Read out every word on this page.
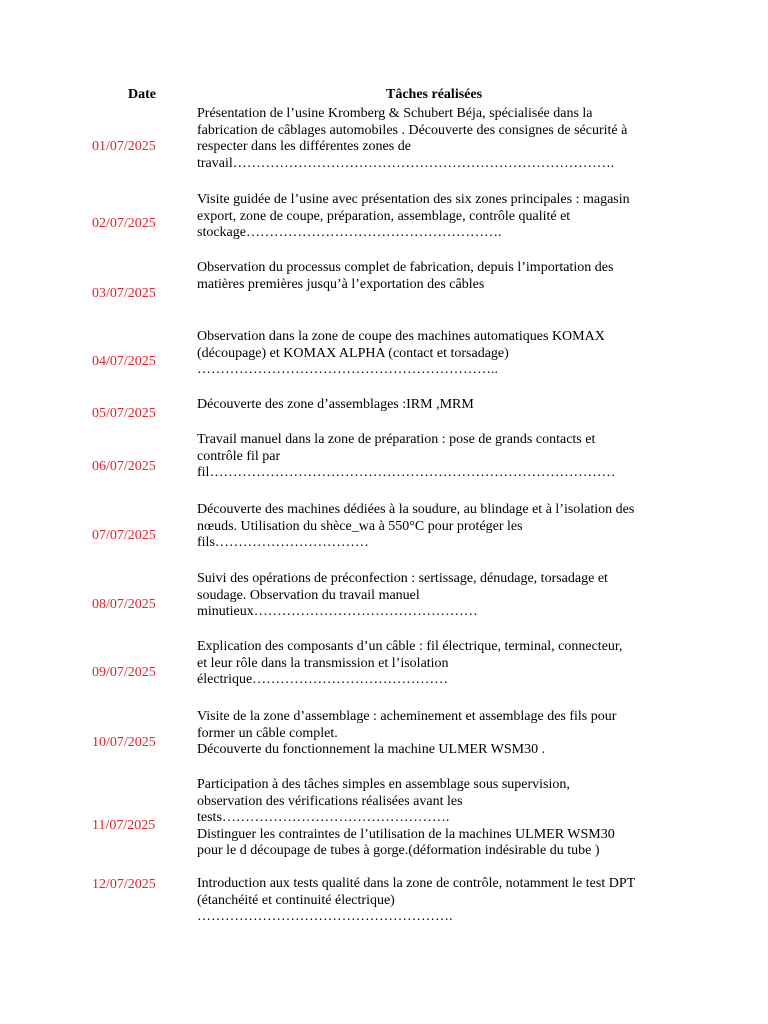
Date	Tâches réalisées
01/07/2025
Présentation de l’usine Kromberg & Schubert Béja, spécialisée dans la
fabrication de câblages automobiles . Découverte des consignes de sécurité à
respecter dans les différentes zones de
travail……………………………………………………………………….
02/07/2025
Visite guidée de l’usine avec présentation des six zones principales : magasin
export, zone de coupe, préparation, assemblage, contrôle qualité et
stockage……………………………………………….
03/07/2025
Observation du processus complet de fabrication, depuis l’importation des
matières premières jusqu’à l’exportation des câbles
04/07/2025
Observation dans la zone de coupe des machines automatiques KOMAX
(découpage) et KOMAX ALPHA (contact et torsadage)
………………………………………………………..
05/07/2025
Découverte des zone d’assemblages :IRM ,MRM
06/07/2025
Travail manuel dans la zone de préparation : pose de grands contacts et
contrôle fil par
fil……………………………………………………………………………
07/07/2025
Découverte des machines dédiées à la soudure, au blindage et à l’isolation des
nœuds. Utilisation du shèce_wa à 550°C pour protéger les
fils……………………………
08/07/2025
Suivi des opérations de préconfection : sertissage, dénudage, torsadage et
soudage. Observation du travail manuel
minutieux…………………………………………
09/07/2025
Explication des composants d’un câble : fil électrique, terminal, connecteur,
et leur rôle dans la transmission et l’isolation
électrique……………………………………
10/07/2025
Visite de la zone d’assemblage : acheminement et assemblage des fils pour
former un câble complet.
Découverte du fonctionnement la machine ULMER WSM30 .
11/07/2025
Participation à des tâches simples en assemblage sous supervision,
observation des vérifications réalisées avant les
tests………………………………………….
Distinguer les contraintes de l’utilisation de la machines ULMER WSM30
pour le d découpage de tubes à gorge.(déformation indésirable du tube )
12/07/2025	Introduction aux tests qualité dans la zone de contrôle, notamment le test DPT
(étanchéité et continuité électrique)
……………………………………………….
